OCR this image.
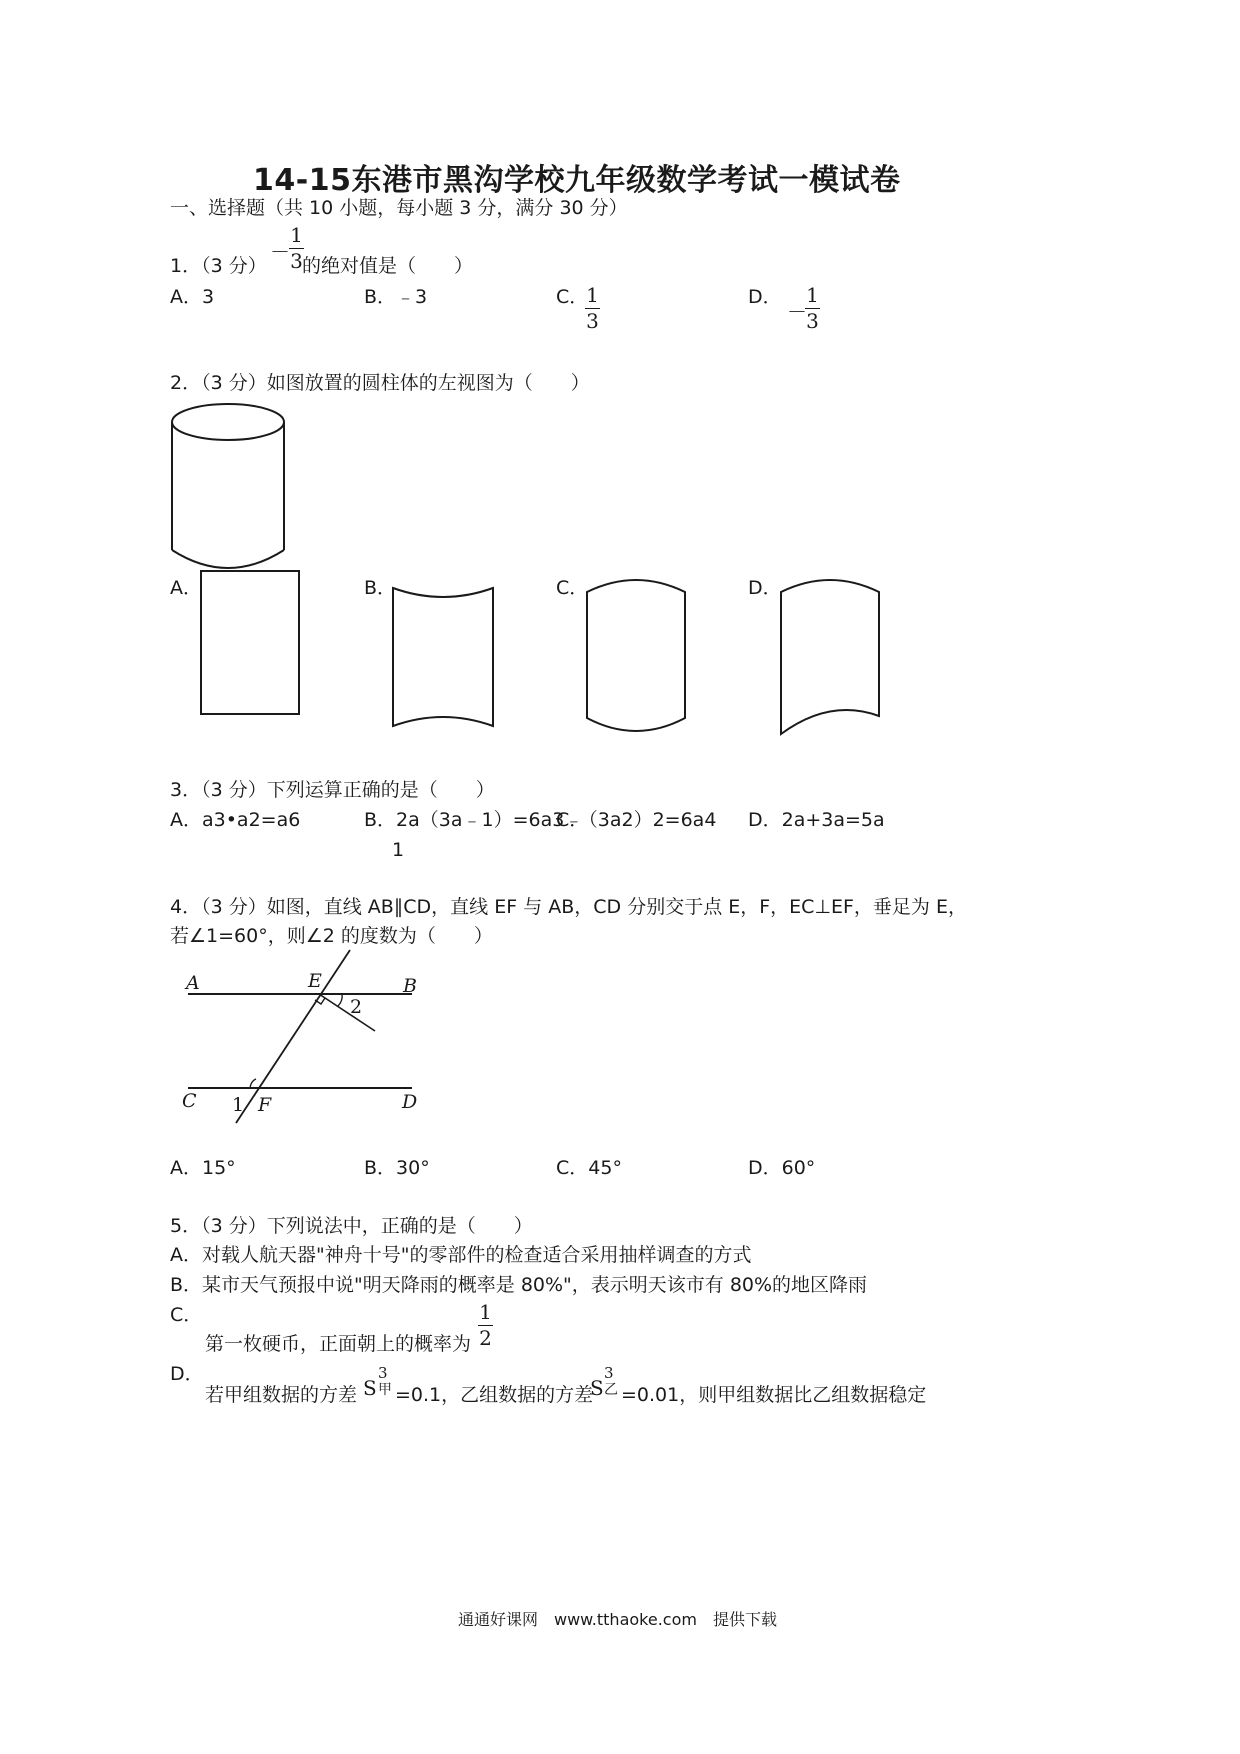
14-15东港市黑沟学校九年级数学考试一模试卷
一、选择题（共 10 小题，每小题 3 分，满分 30 分）
1．（3 分）
－
1
3 的绝对值是（　　）
A．3	B．﹣3	C．
1
3
D．
－
1
3
2．（3 分）如图放置的圆柱体的左视图为（　　）
A．	B．	C．	D．
3．（3 分）下列运算正确的是（　　）
A．a3•a2=a6	B．2a（3a﹣1）=6a3﹣
1
C．（3a2）2=6a4 D．2a+3a=5a
4．（3 分）如图，直线 AB∥CD，直线 EF 与 AB，CD 分别交于点 E，F，EC⊥EF，垂足为 E，
若∠1=60°，则∠2 的度数为（　　）
A	E	B
2
C 1 F	D
A．15°	B．30°	C．45°	D．60°
5．（3 分）下列说法中，正确的是（　　）
A．对载人航天器"神舟十号"的零部件的检查适合采用抽样调查的方式
B．某市天气预报中说"明天降雨的概率是 80%"，表示明天该市有 80%的地区降雨
C．
第一枚硬币，正面朝上的概率为
1
2
D．
若甲组数据的方差 S
3
甲 =0.1，乙组数据的方差
S
3
乙 =0.01，则甲组数据比乙组数据稳定
通通好课网　www.tthaoke.com　提供下载
